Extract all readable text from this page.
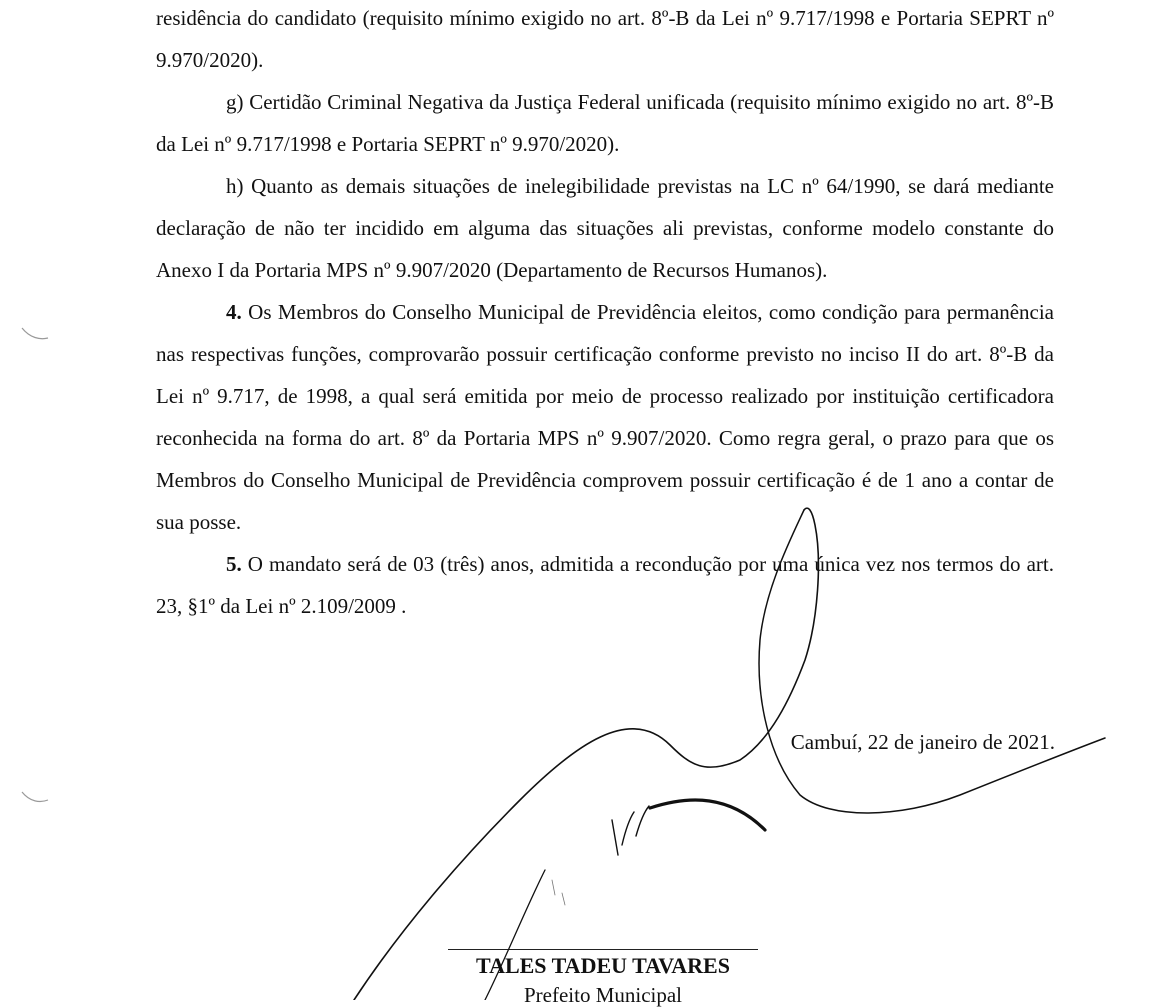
residência do candidato (requisito mínimo exigido no art. 8º-B da Lei nº 9.717/1998 e Portaria SEPRT nº 9.970/2020).

g) Certidão Criminal Negativa da Justiça Federal unificada (requisito mínimo exigido no art. 8º-B da Lei nº 9.717/1998 e Portaria SEPRT nº 9.970/2020).

h) Quanto as demais situações de inelegibilidade previstas na LC nº 64/1990, se dará mediante declaração de não ter incidido em alguma das situações ali previstas, conforme modelo constante do Anexo I da Portaria MPS nº 9.907/2020 (Departamento de Recursos Humanos).

4. Os Membros do Conselho Municipal de Previdência eleitos, como condição para permanência nas respectivas funções, comprovarão possuir certificação conforme previsto no inciso II do art. 8º-B da Lei nº 9.717, de 1998, a qual será emitida por meio de processo realizado por instituição certificadora reconhecida na forma do art. 8º da Portaria MPS nº 9.907/2020. Como regra geral, o prazo para que os Membros do Conselho Municipal de Previdência comprovem possuir certificação é de 1 ano a contar de sua posse.

5. O mandato será de 03 (três) anos, admitida a recondução por uma única vez nos termos do art. 23, §1º da Lei nº 2.109/2009 .

Cambuí, 22 de janeiro de 2021.
TALES TADEU TAVARES
Prefeito Municipal
